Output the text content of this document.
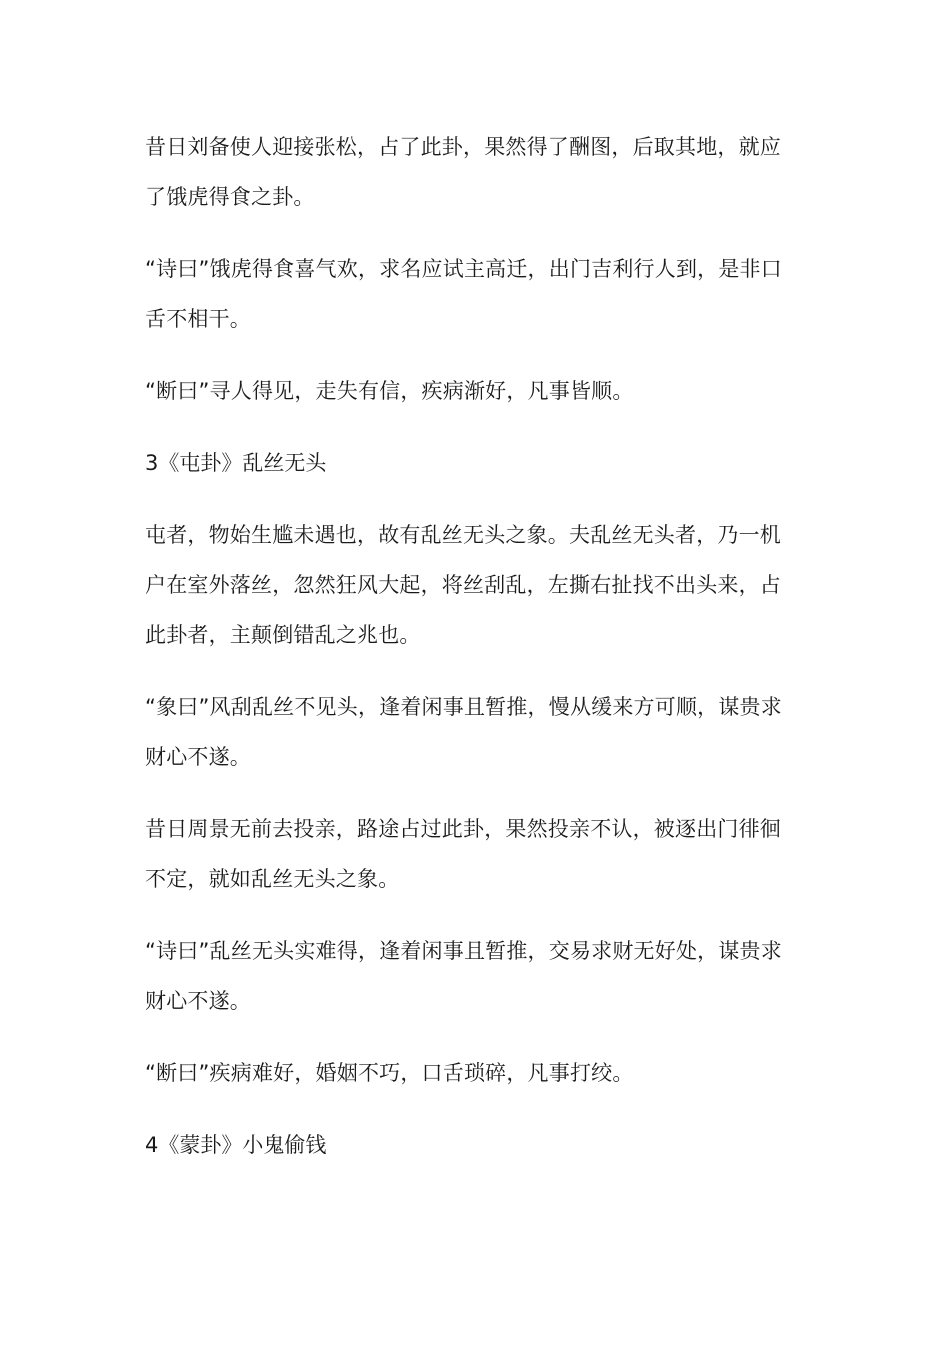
昔日刘备使人迎接张松，占了此卦，果然得了酬图，后取其地，就应
了饿虎得食之卦。

“诗曰”饿虎得食喜气欢，求名应试主高迁，出门吉利行人到，是非口
舌不相干。

“断曰”寻人得见，走失有信，疾病渐好，凡事皆顺。

3《屯卦》乱丝无头

屯者，物始生尴未遇也，故有乱丝无头之象。夫乱丝无头者，乃一机
户在室外落丝，忽然狂风大起，将丝刮乱，左撕右扯找不出头来，占
此卦者，主颠倒错乱之兆也。

“象曰”风刮乱丝不见头，逢着闲事且暂推，慢从缓来方可顺，谋贵求
财心不遂。

昔日周景无前去投亲，路途占过此卦，果然投亲不认，被逐出门徘徊
不定，就如乱丝无头之象。

“诗曰”乱丝无头实难得，逢着闲事且暂推，交易求财无好处，谋贵求
财心不遂。

“断曰”疾病难好，婚姻不巧，口舌琐碎，凡事打绞。

4《蒙卦》小鬼偷钱
